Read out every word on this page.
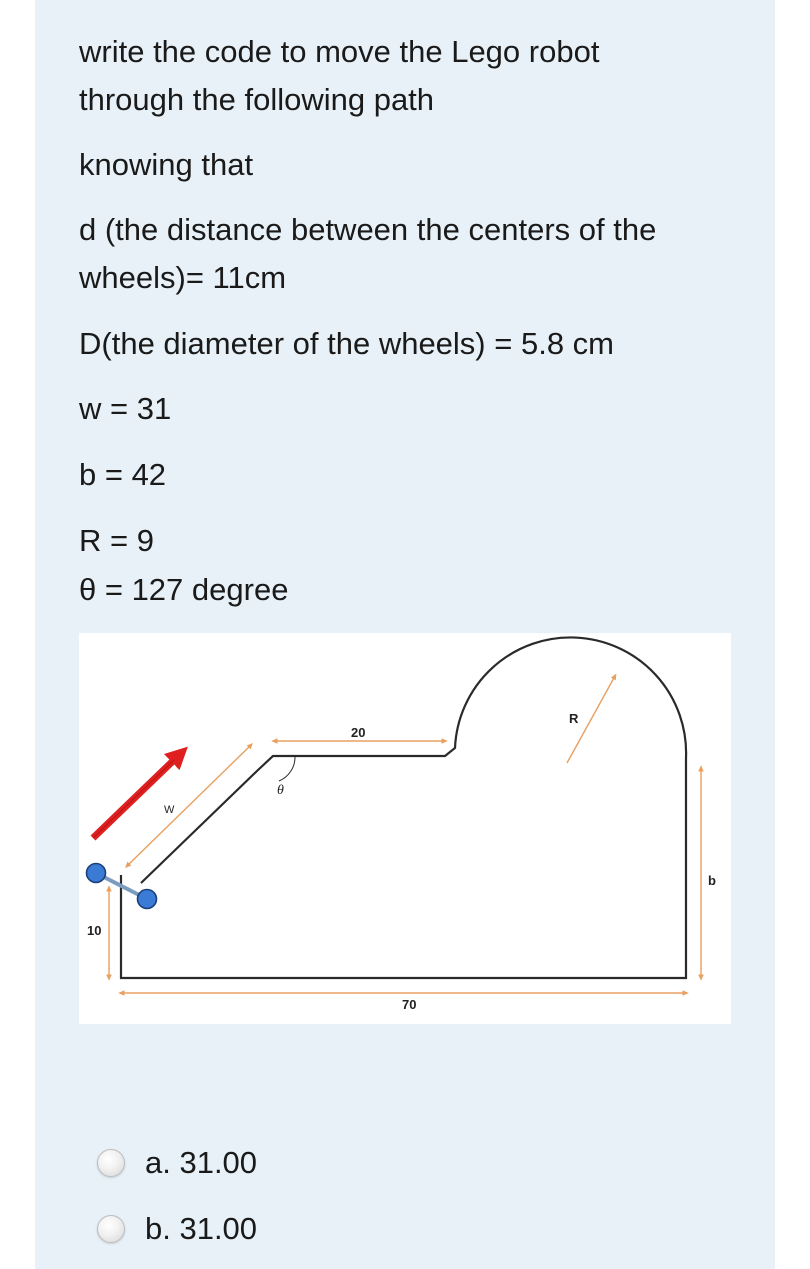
write the code to move the Lego robot

through the following path

knowing that

d (the distance between the centers of the

wheels)= 11cm

D(the diameter of the wheels) = 5.8 cm

w = 31

b = 42

R = 9

θ = 127 degree

20
R
θ
W
10
70
b
a. 31.00
b. 31.00
